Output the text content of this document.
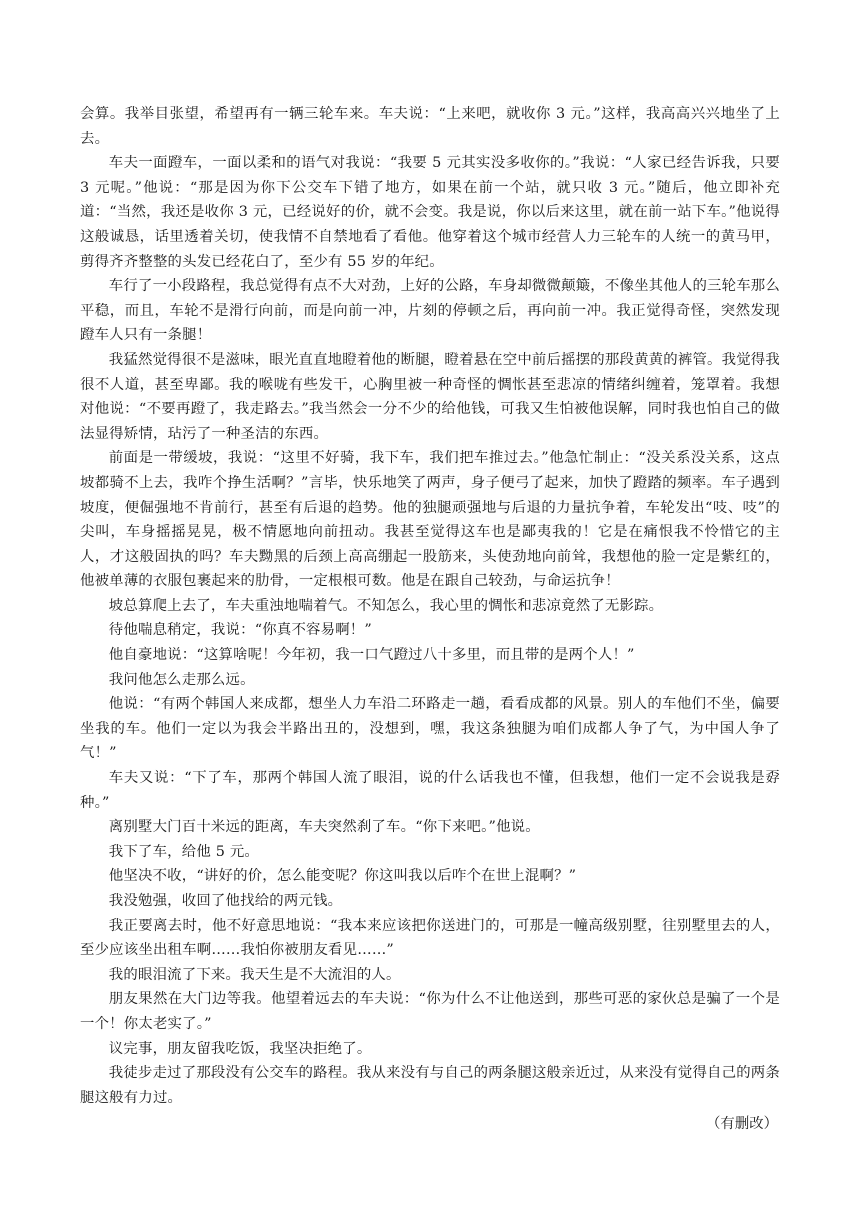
会算。我举目张望，希望再有一辆三轮车来。车夫说：“上来吧，就收你 3 元。”这样，我高高兴兴地坐了上去。

车夫一面蹬车，一面以柔和的语气对我说：“我要 5 元其实没多收你的。”我说：“人家已经告诉我，只要 3 元呢。”他说：“那是因为你下公交车下错了地方，如果在前一个站，就只收 3 元。”随后，他立即补充道：“当然，我还是收你 3 元，已经说好的价，就不会变。我是说，你以后来这里，就在前一站下车。”他说得这般诚恳，话里透着关切，使我情不自禁地看了看他。他穿着这个城市经营人力三轮车的人统一的黄马甲，剪得齐齐整整的头发已经花白了，至少有 55 岁的年纪。

车行了一小段路程，我总觉得有点不大对劲，上好的公路，车身却微微颠簸，不像坐其他人的三轮车那么平稳，而且，车轮不是滑行向前，而是向前一冲，片刻的停顿之后，再向前一冲。我正觉得奇怪，突然发现蹬车人只有一条腿！

我猛然觉得很不是滋味，眼光直直地瞪着他的断腿，瞪着悬在空中前后摇摆的那段黄黄的裤管。我觉得我很不人道，甚至卑鄙。我的喉咙有些发干，心胸里被一种奇怪的惆怅甚至悲凉的情绪纠缠着，笼罩着。我想对他说：“不要再蹬了，我走路去。”我当然会一分不少的给他钱，可我又生怕被他误解，同时我也怕自己的做法显得矫情，玷污了一种圣洁的东西。

前面是一带缓坡，我说：“这里不好骑，我下车，我们把车推过去。”他急忙制止：“没关系没关系，这点坡都骑不上去，我咋个挣生活啊？”言毕，快乐地笑了两声，身子便弓了起来，加快了蹬踏的频率。车子遇到坡度，便倔强地不肯前行，甚至有后退的趋势。他的独腿顽强地与后退的力量抗争着，车轮发出“吱、吱”的尖叫，车身摇摇晃晃，极不情愿地向前扭动。我甚至觉得这车也是鄙夷我的！它是在痛恨我不怜惜它的主人，才这般固执的吗？车夫黝黑的后颈上高高绷起一股筋来，头使劲地向前耸，我想他的脸一定是紫红的，他被单薄的衣服包裹起来的肋骨，一定根根可数。他是在跟自己较劲，与命运抗争！

坡总算爬上去了，车夫重浊地喘着气。不知怎么，我心里的惆怅和悲凉竟然了无影踪。

待他喘息稍定，我说：“你真不容易啊！”

他自豪地说：“这算啥呢！今年初，我一口气蹬过八十多里，而且带的是两个人！”

我问他怎么走那么远。

他说：“有两个韩国人来成都，想坐人力车沿二环路走一趟，看看成都的风景。别人的车他们不坐，偏要坐我的车。他们一定以为我会半路出丑的，没想到，嘿，我这条独腿为咱们成都人争了气，为中国人争了气！”

车夫又说：“下了车，那两个韩国人流了眼泪，说的什么话我也不懂，但我想，他们一定不会说我是孬种。”

离别墅大门百十米远的距离，车夫突然刹了车。“你下来吧。”他说。

我下了车，给他 5 元。

他坚决不收，“讲好的价，怎么能变呢？你这叫我以后咋个在世上混啊？”

我没勉强，收回了他找给的两元钱。

我正要离去时，他不好意思地说：“我本来应该把你送进门的，可那是一幢高级别墅，往别墅里去的人，至少应该坐出租车啊……我怕你被朋友看见……”

我的眼泪流了下来。我天生是不大流泪的人。

朋友果然在大门边等我。他望着远去的车夫说：“你为什么不让他送到，那些可恶的家伙总是骗了一个是一个！你太老实了。”

议完事，朋友留我吃饭，我坚决拒绝了。

我徒步走过了那段没有公交车的路程。我从来没有与自己的两条腿这般亲近过，从来没有觉得自己的两条腿这般有力过。

（有删改）
